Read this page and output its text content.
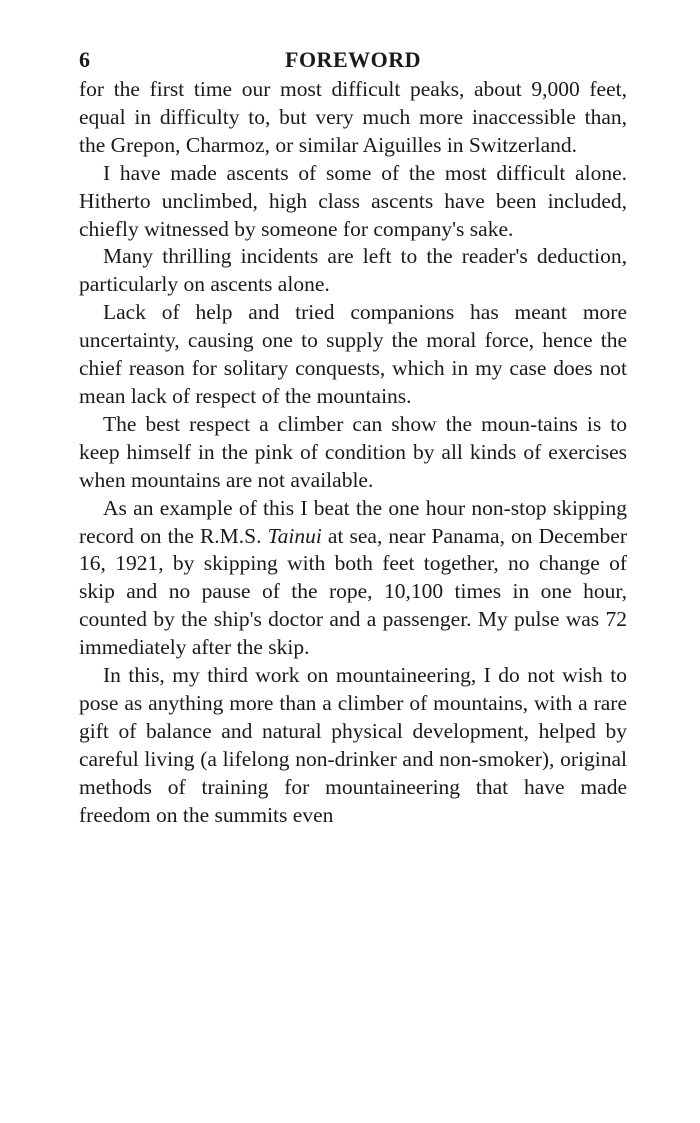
6	FOREWORD

for the first time our most difficult peaks, about 9,000 feet, equal in difficulty to, but very much more inaccessible than, the Grepon, Charmoz, or similar Aiguilles in Switzerland.

I have made ascents of some of the most difficult alone. Hitherto unclimbed, high class ascents have been included, chiefly witnessed by someone for company's sake.

Many thrilling incidents are left to the reader's deduction, particularly on ascents alone.

Lack of help and tried companions has meant more uncertainty, causing one to supply the moral force, hence the chief reason for solitary conquests, which in my case does not mean lack of respect of the mountains.

The best respect a climber can show the moun-tains is to keep himself in the pink of condition by all kinds of exercises when mountains are not available.

As an example of this I beat the one hour non-stop skipping record on the R.M.S. Tainui at sea, near Panama, on December 16, 1921, by skipping with both feet together, no change of skip and no pause of the rope, 10,100 times in one hour, counted by the ship's doctor and a passenger. My pulse was 72 immediately after the skip.

In this, my third work on mountaineering, I do not wish to pose as anything more than a climber of mountains, with a rare gift of balance and natural physical development, helped by careful living (a lifelong non-drinker and non-smoker), original methods of training for mountaineering that have made freedom on the summits even
